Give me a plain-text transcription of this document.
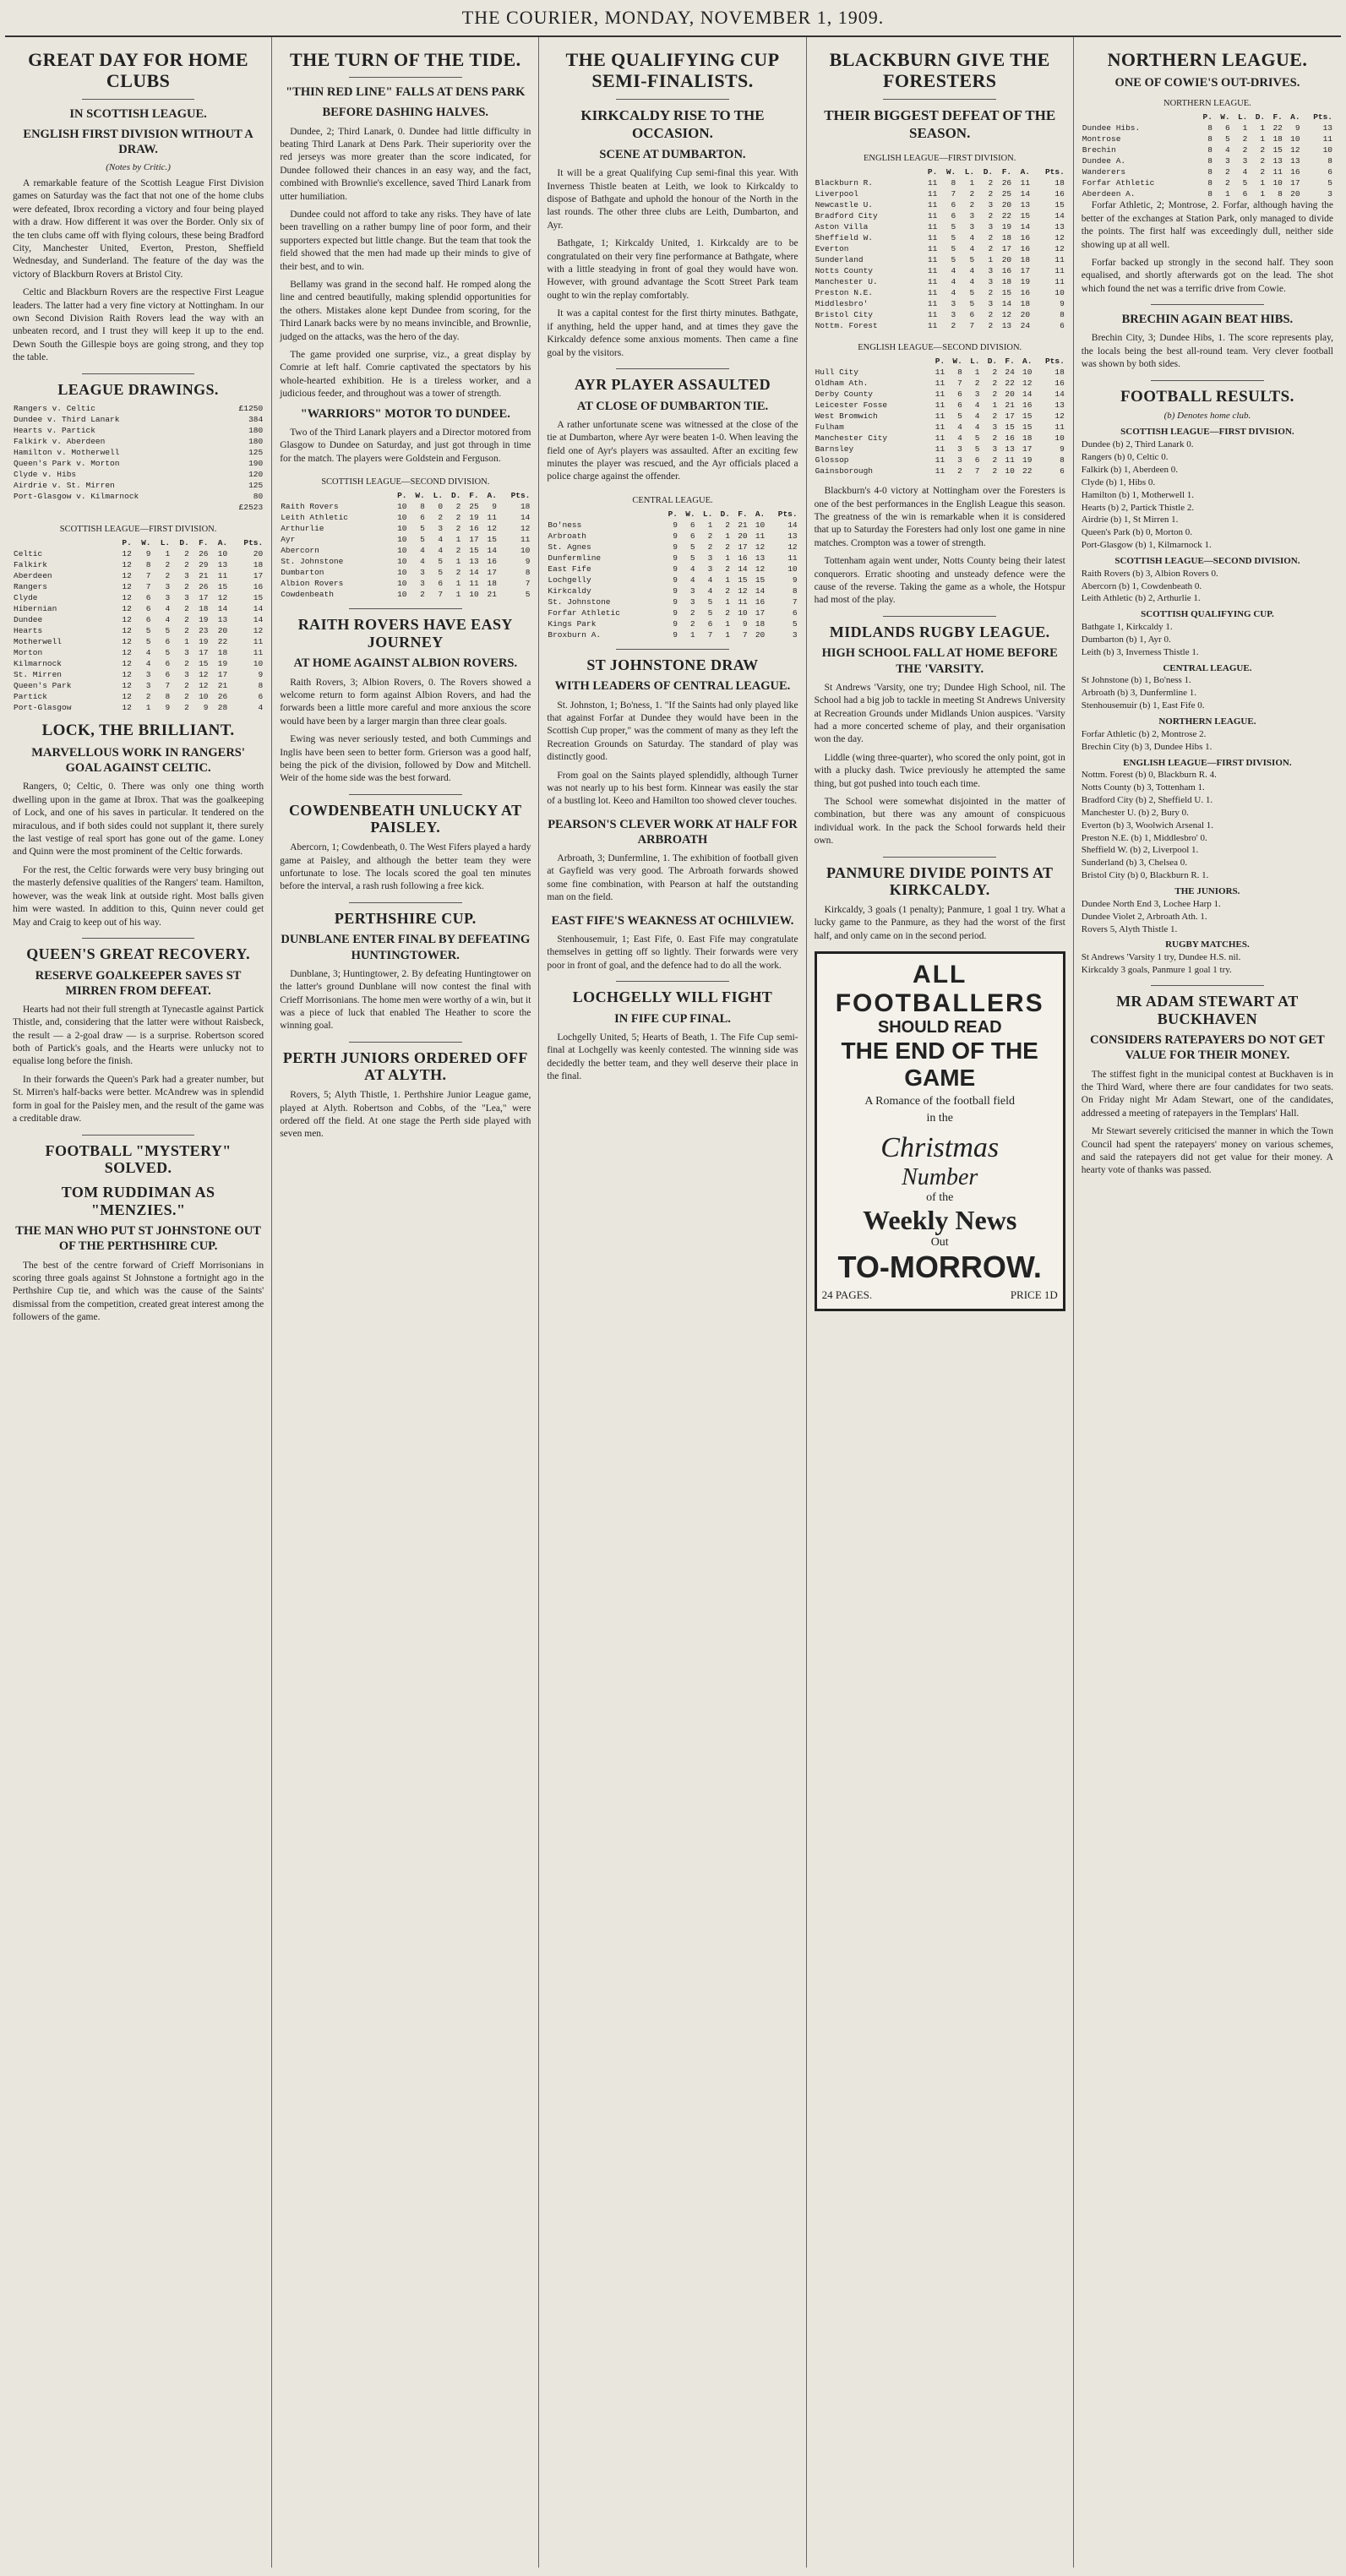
THE COURIER, MONDAY, NOVEMBER 1, 1909.
GREAT DAY FOR HOME CLUBS
IN SCOTTISH LEAGUE.
ENGLISH FIRST DIVISION WITHOUT A DRAW.
(Notes by Critic.)

A remarkable feature of the Scottish League First Division games on Saturday was the fact that not one of the home clubs were defeated, Ibrox recording a victory and four being played with a draw. How different it was over the Border. Only six of the ten clubs came off with flying colours, these being Bradford City, Manchester United, Everton, Preston, Sheffield Wednesday, and Sunderland. The feature of the day was the victory of Blackburn Rovers at Bristol City.

Celtic and Blackburn Rovers are the respective First League leaders. The latter had a very fine victory at Nottingham. In our own Second Division Raith Rovers lead the way with an unbeaten record, and I trust they will keep it up to the end. Dewn South the Gillespie boys are going strong, and they top the table.

LEAGUE DRAWINGS.
Rangers v. Celtic	£1250
Dundee v. Third Lanark	384
Hearts v. Partick	180
Falkirk v. Aberdeen	180
Hamilton v. Motherwell	125
Queen's Park v. Morton	190
Clyde v. Hibs	120
Airdrie v. St. Mirren	125
Port-Glasgow v. Kilmarnock	80
	£2523
SCOTTISH LEAGUE—FIRST DIVISION.
	P.	W.	L.	D.	F.	A.	Pts.
Celtic	12	9	1	2	26	10	20
Falkirk	12	8	2	2	29	13	18
Aberdeen	12	7	2	3	21	11	17
Rangers	12	7	3	2	26	15	16
Clyde	12	6	3	3	17	12	15
Hibernian	12	6	4	2	18	14	14
Dundee	12	6	4	2	19	13	14
Hearts	12	5	5	2	23	20	12
Motherwell	12	5	6	1	19	22	11
Morton	12	4	5	3	17	18	11
Kilmarnock	12	4	6	2	15	19	10
St. Mirren	12	3	6	3	12	17	9
Queen's Park	12	3	7	2	12	21	8
Partick	12	2	8	2	10	26	6
Port-Glasgow	12	1	9	2	9	28	4
LOCK, THE BRILLIANT.
MARVELLOUS WORK IN RANGERS' GOAL AGAINST CELTIC.

Rangers, 0; Celtic, 0. There was only one thing worth dwelling upon in the game at Ibrox. That was the goalkeeping of Lock, and one of his saves in particular. It tendered on the miraculous, and if both sides could not supplant it, there surely the last vestige of real sport has gone out of the game. Loney and Quinn were the most prominent of the Celtic forwards.

For the rest, the Celtic forwards were very busy bringing out the masterly defensive qualities of the Rangers' team. Hamilton, however, was the weak link at outside right. Most balls given him were wasted. In addition to this, Quinn never could get May and Craig to keep out of his way.

QUEEN'S GREAT RECOVERY.
RESERVE GOALKEEPER SAVES ST MIRREN FROM DEFEAT.

Hearts had not their full strength at Tynecastle against Partick Thistle, and, considering that the latter were without Raisbeck, the result — a 2-goal draw — is a surprise. Robertson scored both of Partick's goals, and the Hearts were unlucky not to equalise long before the finish.

In their forwards the Queen's Park had a greater number, but St. Mirren's half-backs were better. McAndrew was in splendid form in goal for the Paisley men, and the result of the game was a creditable draw.

FOOTBALL "MYSTERY" SOLVED.
TOM RUDDIMAN AS "MENZIES."
THE MAN WHO PUT ST JOHNSTONE OUT OF THE PERTHSHIRE CUP.

The best of the centre forward of Crieff Morrisonians in scoring three goals against St Johnstone a fortnight ago in the Perthshire Cup tie, and which was the cause of the Saints' dismissal from the competition, created great interest among the followers of the game.

THE TURN OF THE TIDE.
"THIN RED LINE" FALLS AT DENS PARK
BEFORE DASHING HALVES.

Dundee, 2; Third Lanark, 0. Dundee had little difficulty in beating Third Lanark at Dens Park. Their superiority over the red jerseys was more greater than the score indicated, for Dundee followed their chances in an easy way, and the fact, combined with Brownlie's excellence, saved Third Lanark from utter humiliation.

Dundee could not afford to take any risks. They have of late been travelling on a rather bumpy line of poor form, and their supporters expected but little change. But the team that took the field showed that the men had made up their minds to give of their best, and to win.

Bellamy was grand in the second half. He romped along the line and centred beautifully, making splendid opportunities for the others. Mistakes alone kept Dundee from scoring, for the Third Lanark backs were by no means invincible, and Brownlie, judged on the attacks, was the hero of the day.

The game provided one surprise, viz., a great display by Comrie at left half. Comrie captivated the spectators by his whole-hearted exhibition. He is a tireless worker, and a judicious feeder, and throughout was a tower of strength.

"WARRIORS" MOTOR TO DUNDEE.

Two of the Third Lanark players and a Director motored from Glasgow to Dundee on Saturday, and just got through in time for the match. The players were Goldstein and Ferguson.

SCOTTISH LEAGUE—SECOND DIVISION.
	P.	W.	L.	D.	F.	A.	Pts.
Raith Rovers	10	8	0	2	25	9	18
Leith Athletic	10	6	2	2	19	11	14
Arthurlie	10	5	3	2	16	12	12
Ayr	10	5	4	1	17	15	11
Abercorn	10	4	4	2	15	14	10
St. Johnstone	10	4	5	1	13	16	9
Dumbarton	10	3	5	2	14	17	8
Albion Rovers	10	3	6	1	11	18	7
Cowdenbeath	10	2	7	1	10	21	5
RAITH ROVERS HAVE EASY JOURNEY
AT HOME AGAINST ALBION ROVERS.

Raith Rovers, 3; Albion Rovers, 0. The Rovers showed a welcome return to form against Albion Rovers, and had the forwards been a little more careful and more anxious the score would have been by a larger margin than three clear goals.

Ewing was never seriously tested, and both Cummings and Inglis have been seen to better form. Grierson was a good half, being the pick of the division, followed by Dow and Mitchell. Weir of the home side was the best forward.

COWDENBEATH UNLUCKY AT PAISLEY.

Abercorn, 1; Cowdenbeath, 0. The West Fifers played a hardy game at Paisley, and although the better team they were unfortunate to lose. The locals scored the goal ten minutes before the interval, a rash rush following a free kick.

PERTHSHIRE CUP.
DUNBLANE ENTER FINAL BY DEFEATING HUNTINGTOWER.

Dunblane, 3; Huntingtower, 2. By defeating Huntingtower on the latter's ground Dunblane will now contest the final with Crieff Morrisonians. The home men were worthy of a win, but it was a piece of luck that enabled The Heather to score the winning goal.

PERTH JUNIORS ORDERED OFF AT ALYTH.

Rovers, 5; Alyth Thistle, 1. Perthshire Junior League game, played at Alyth. Robertson and Cobbs, of the "Lea," were ordered off the field. At one stage the Perth side played with seven men.

THE QUALIFYING CUP SEMI-FINALISTS.
KIRKCALDY RISE TO THE OCCASION.
SCENE AT DUMBARTON.

It will be a great Qualifying Cup semi-final this year. With Inverness Thistle beaten at Leith, we look to Kirkcaldy to dispose of Bathgate and uphold the honour of the North in the last rounds. The other three clubs are Leith, Dumbarton, and Ayr.

Bathgate, 1; Kirkcaldy United, 1. Kirkcaldy are to be congratulated on their very fine performance at Bathgate, where with a little steadying in front of goal they would have won. However, with ground advantage the Scott Street Park team ought to win the replay comfortably.

It was a capital contest for the first thirty minutes. Bathgate, if anything, held the upper hand, and at times they gave the Kirkcaldy defence some anxious moments. Then came a fine goal by the visitors.

AYR PLAYER ASSAULTED
AT CLOSE OF DUMBARTON TIE.

A rather unfortunate scene was witnessed at the close of the tie at Dumbarton, where Ayr were beaten 1-0. When leaving the field one of Ayr's players was assaulted. After an exciting few minutes the player was rescued, and the Ayr officials placed a police charge against the offender.

CENTRAL LEAGUE.
	P.	W.	L.	D.	F.	A.	Pts.
Bo'ness	9	6	1	2	21	10	14
Arbroath	9	6	2	1	20	11	13
St. Agnes	9	5	2	2	17	12	12
Dunfermline	9	5	3	1	16	13	11
East Fife	9	4	3	2	14	12	10
Lochgelly	9	4	4	1	15	15	9
Kirkcaldy	9	3	4	2	12	14	8
St. Johnstone	9	3	5	1	11	16	7
Forfar Athletic	9	2	5	2	10	17	6
Kings Park	9	2	6	1	9	18	5
Broxburn A.	9	1	7	1	7	20	3
ST JOHNSTONE DRAW
WITH LEADERS OF CENTRAL LEAGUE.

St. Johnston, 1; Bo'ness, 1. "If the Saints had only played like that against Forfar at Dundee they would have been in the Scottish Cup proper," was the comment of many as they left the Recreation Grounds on Saturday. The standard of play was distinctly good.

From goal on the Saints played splendidly, although Turner was not nearly up to his best form. Kinnear was easily the star of a bustling lot. Keeo and Hamilton too showed clever touches.

PEARSON'S CLEVER WORK AT HALF FOR ARBROATH

Arbroath, 3; Dunfermline, 1. The exhibition of football given at Gayfield was very good. The Arbroath forwards showed some fine combination, with Pearson at half the outstanding man on the field.

EAST FIFE'S WEAKNESS AT OCHILVIEW.

Stenhousemuir, 1; East Fife, 0. East Fife may congratulate themselves in getting off so lightly. Their forwards were very poor in front of goal, and the defence had to do all the work.

LOCHGELLY WILL FIGHT
IN FIFE CUP FINAL.

Lochgelly United, 5; Hearts of Beath, 1. The Fife Cup semi-final at Lochgelly was keenly contested. The winning side was decidedly the better team, and they well deserve their place in the final.

BLACKBURN GIVE THE FORESTERS
THEIR BIGGEST DEFEAT OF THE SEASON.
ENGLISH LEAGUE—FIRST DIVISION.
	P.	W.	L.	D.	F.	A.	Pts.
Blackburn R.	11	8	1	2	26	11	18
Liverpool	11	7	2	2	25	14	16
Newcastle U.	11	6	2	3	20	13	15
Bradford City	11	6	3	2	22	15	14
Aston Villa	11	5	3	3	19	14	13
Sheffield W.	11	5	4	2	18	16	12
Everton	11	5	4	2	17	16	12
Sunderland	11	5	5	1	20	18	11
Notts County	11	4	4	3	16	17	11
Manchester U.	11	4	4	3	18	19	11
Preston N.E.	11	4	5	2	15	16	10
Middlesbro'	11	3	5	3	14	18	9
Bristol City	11	3	6	2	12	20	8
Nottm. Forest	11	2	7	2	13	24	6
ENGLISH LEAGUE—SECOND DIVISION.
	P.	W.	L.	D.	F.	A.	Pts.
Hull City	11	8	1	2	24	10	18
Oldham Ath.	11	7	2	2	22	12	16
Derby County	11	6	3	2	20	14	14
Leicester Fosse	11	6	4	1	21	16	13
West Bromwich	11	5	4	2	17	15	12
Fulham	11	4	4	3	15	15	11
Manchester City	11	4	5	2	16	18	10
Barnsley	11	3	5	3	13	17	9
Glossop	11	3	6	2	11	19	8
Gainsborough	11	2	7	2	10	22	6

Blackburn's 4-0 victory at Nottingham over the Foresters is one of the best performances in the English League this season. The greatness of the win is remarkable when it is considered that up to Saturday the Foresters had only lost one game in nine matches. Crompton was a tower of strength.

Tottenham again went under, Notts County being their latest conquerors. Erratic shooting and unsteady defence were the cause of the reverse. Taking the game as a whole, the Hotspur had most of the play.

MIDLANDS RUGBY LEAGUE.
HIGH SCHOOL FALL AT HOME BEFORE THE 'VARSITY.

St Andrews 'Varsity, one try; Dundee High School, nil. The School had a big job to tackle in meeting St Andrews University at Recreation Grounds under Midlands Union auspices. 'Varsity had a more concerted scheme of play, and their organisation won the day.

Liddle (wing three-quarter), who scored the only point, got in with a plucky dash. Twice previously he attempted the same thing, but got pushed into touch each time.

The School were somewhat disjointed in the matter of combination, but there was any amount of conspicuous individual work. In the pack the School forwards held their own.

PANMURE DIVIDE POINTS AT KIRKCALDY.

Kirkcaldy, 3 goals (1 penalty); Panmure, 1 goal 1 try. What a lucky game to the Panmure, as they had the worst of the first half, and only came on in the second period.

ALL FOOTBALLERS
SHOULD READ
THE END OF THE GAME
A Romance of the football field
in the
Christmas
Number
of the
Weekly News
Out
TO-MORROW.
24 PAGES.	PRICE 1D
NORTHERN LEAGUE.
ONE OF COWIE'S OUT-DRIVES.
NORTHERN LEAGUE.
	P.	W.	L.	D.	F.	A.	Pts.
Dundee Hibs.	8	6	1	1	22	9	13
Montrose	8	5	2	1	18	10	11
Brechin	8	4	2	2	15	12	10
Dundee A.	8	3	3	2	13	13	8
Wanderers	8	2	4	2	11	16	6
Forfar Athletic	8	2	5	1	10	17	5
Aberdeen A.	8	1	6	1	8	20	3

Forfar Athletic, 2; Montrose, 2. Forfar, although having the better of the exchanges at Station Park, only managed to divide the points. The first half was exceedingly dull, neither side showing up at all well.

Forfar backed up strongly in the second half. They soon equalised, and shortly afterwards got on the lead. The shot which found the net was a terrific drive from Cowie.

BRECHIN AGAIN BEAT HIBS.

Brechin City, 3; Dundee Hibs, 1. The score represents play, the locals being the best all-round team. Very clever football was shown by both sides.

FOOTBALL RESULTS.
(b) Denotes home club.
SCOTTISH LEAGUE—FIRST DIVISION.
Dundee (b) 2, Third Lanark 0.
Rangers (b) 0, Celtic 0.
Falkirk (b) 1, Aberdeen 0.
Clyde (b) 1, Hibs 0.
Hamilton (b) 1, Motherwell 1.
Hearts (b) 2, Partick Thistle 2.
Airdrie (b) 1, St Mirren 1.
Queen's Park (b) 0, Morton 0.
Port-Glasgow (b) 1, Kilmarnock 1.
SCOTTISH LEAGUE—SECOND DIVISION.
Raith Rovers (b) 3, Albion Rovers 0.
Abercorn (b) 1, Cowdenbeath 0.
Leith Athletic (b) 2, Arthurlie 1.
SCOTTISH QUALIFYING CUP.
Bathgate 1, Kirkcaldy 1.
Dumbarton (b) 1, Ayr 0.
Leith (b) 3, Inverness Thistle 1.
CENTRAL LEAGUE.
St Johnstone (b) 1, Bo'ness 1.
Arbroath (b) 3, Dunfermline 1.
Stenhousemuir (b) 1, East Fife 0.
NORTHERN LEAGUE.
Forfar Athletic (b) 2, Montrose 2.
Brechin City (b) 3, Dundee Hibs 1.
ENGLISH LEAGUE—FIRST DIVISION.
Nottm. Forest (b) 0, Blackburn R. 4.
Notts County (b) 3, Tottenham 1.
Bradford City (b) 2, Sheffield U. 1.
Manchester U. (b) 2, Bury 0.
Everton (b) 3, Woolwich Arsenal 1.
Preston N.E. (b) 1, Middlesbro' 0.
Sheffield W. (b) 2, Liverpool 1.
Sunderland (b) 3, Chelsea 0.
Bristol City (b) 0, Blackburn R. 1.
THE JUNIORS.
Dundee North End 3, Lochee Harp 1.
Dundee Violet 2, Arbroath Ath. 1.
Rovers 5, Alyth Thistle 1.
RUGBY MATCHES.
St Andrews 'Varsity 1 try, Dundee H.S. nil.
Kirkcaldy 3 goals, Panmure 1 goal 1 try.
MR ADAM STEWART AT BUCKHAVEN
CONSIDERS RATEPAYERS DO NOT GET VALUE FOR THEIR MONEY.

The stiffest fight in the municipal contest at Buckhaven is in the Third Ward, where there are four candidates for two seats. On Friday night Mr Adam Stewart, one of the candidates, addressed a meeting of ratepayers in the Templars' Hall.

Mr Stewart severely criticised the manner in which the Town Council had spent the ratepayers' money on various schemes, and said the ratepayers did not get value for their money. A hearty vote of thanks was passed.
